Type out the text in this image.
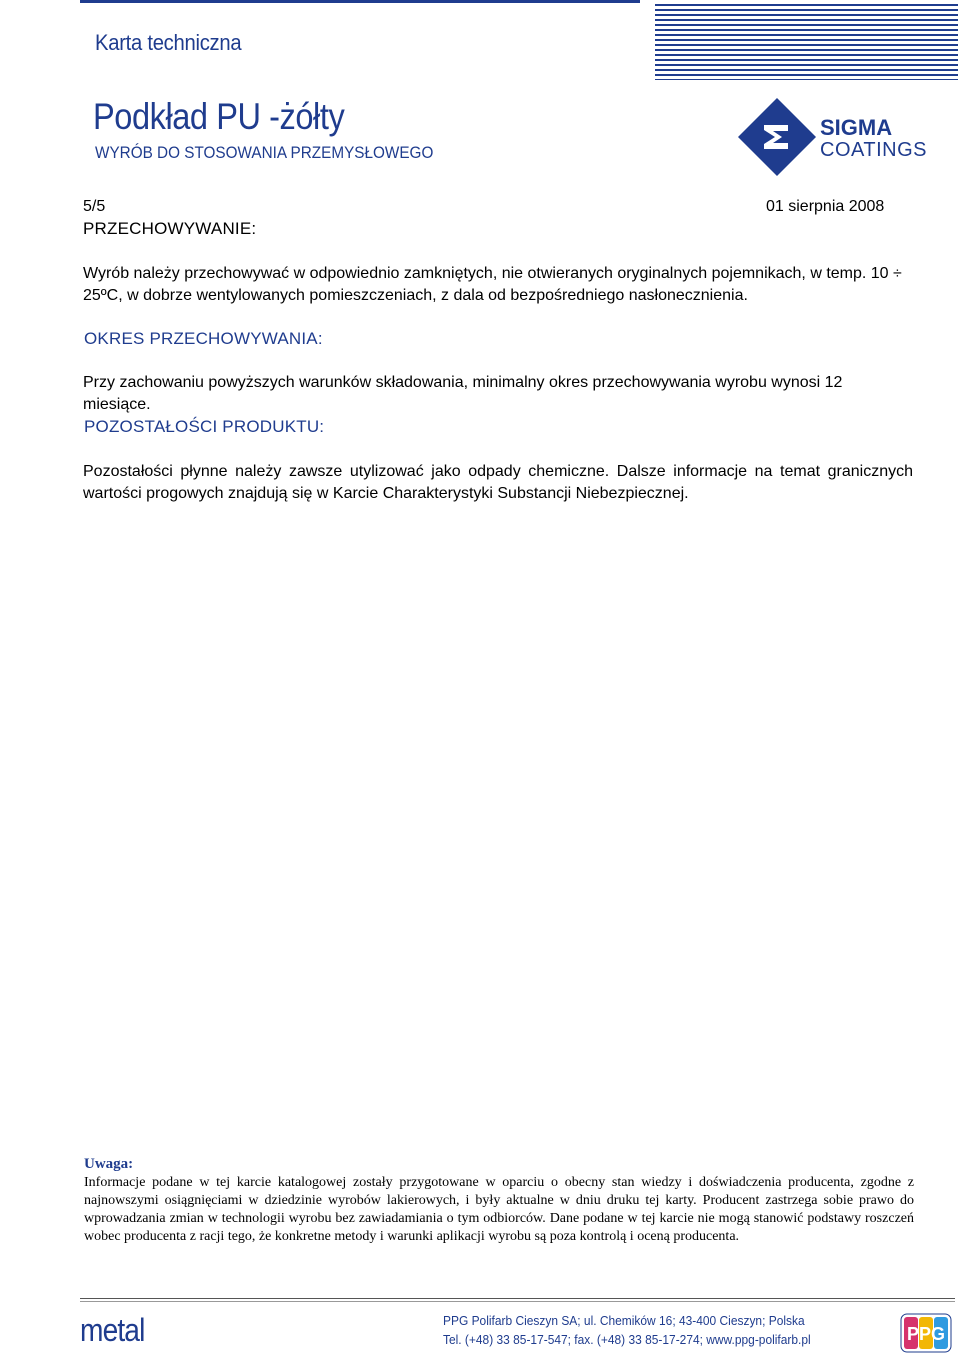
Karta techniczna
Podkład PU -żółty
WYRÓB DO STOSOWANIA PRZEMYSŁOWEGO
SIGMA
COATINGS
5/5	01 sierpnia 2008
PRZECHOWYWANIE:
Wyrób należy przechowywać w odpowiednio zamkniętych, nie otwieranych oryginalnych pojemnikach, w temp. 10 ÷ 25ºC, w dobrze wentylowanych pomieszczeniach, z dala od bezpośredniego nasłonecznienia.
OKRES PRZECHOWYWANIA:
Przy zachowaniu powyższych warunków składowania, minimalny okres przechowywania wyrobu wynosi 12 miesiące.
POZOSTAŁOŚCI PRODUKTU:
Pozostałości płynne należy zawsze utylizować jako odpady chemiczne. Dalsze informacje na temat granicznych wartości progowych znajdują się w Karcie Charakterystyki Substancji Niebezpiecznej.
Uwaga:
Informacje podane w tej karcie katalogowej zostały przygotowane w oparciu o obecny stan wiedzy i doświadczenia producenta, zgodne z najnowszymi osiągnięciami w dziedzinie wyrobów lakierowych, i były aktualne w dniu druku tej karty. Producent zastrzega sobie prawo do wprowadzania zmian w technologii wyrobu bez zawiadamiania o tym odbiorców. Dane podane w tej karcie nie mogą stanowić podstawy roszczeń wobec producenta z racji tego, że konkretne metody i warunki aplikacji wyrobu są poza kontrolą i oceną producenta.
metal	PPG Polifarb Cieszyn SA; ul. Chemików 16; 43-400 Cieszyn; Polska
Tel. (+48) 33 85-17-547; fax. (+48) 33 85-17-274; www.ppg-polifarb.pl	PPG
